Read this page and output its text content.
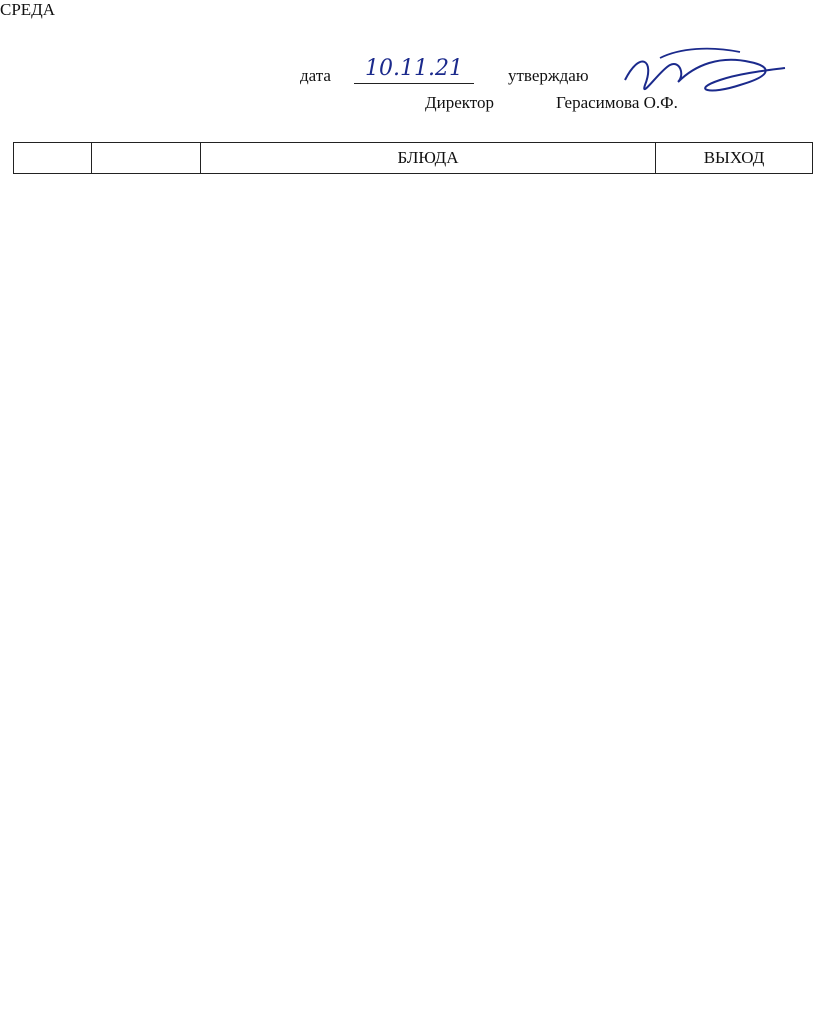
СРЕДА
дата	10.11.21	утверждаю
Директор	Герасимова О.Ф.
		БЛЮДА	ВЫХОД
